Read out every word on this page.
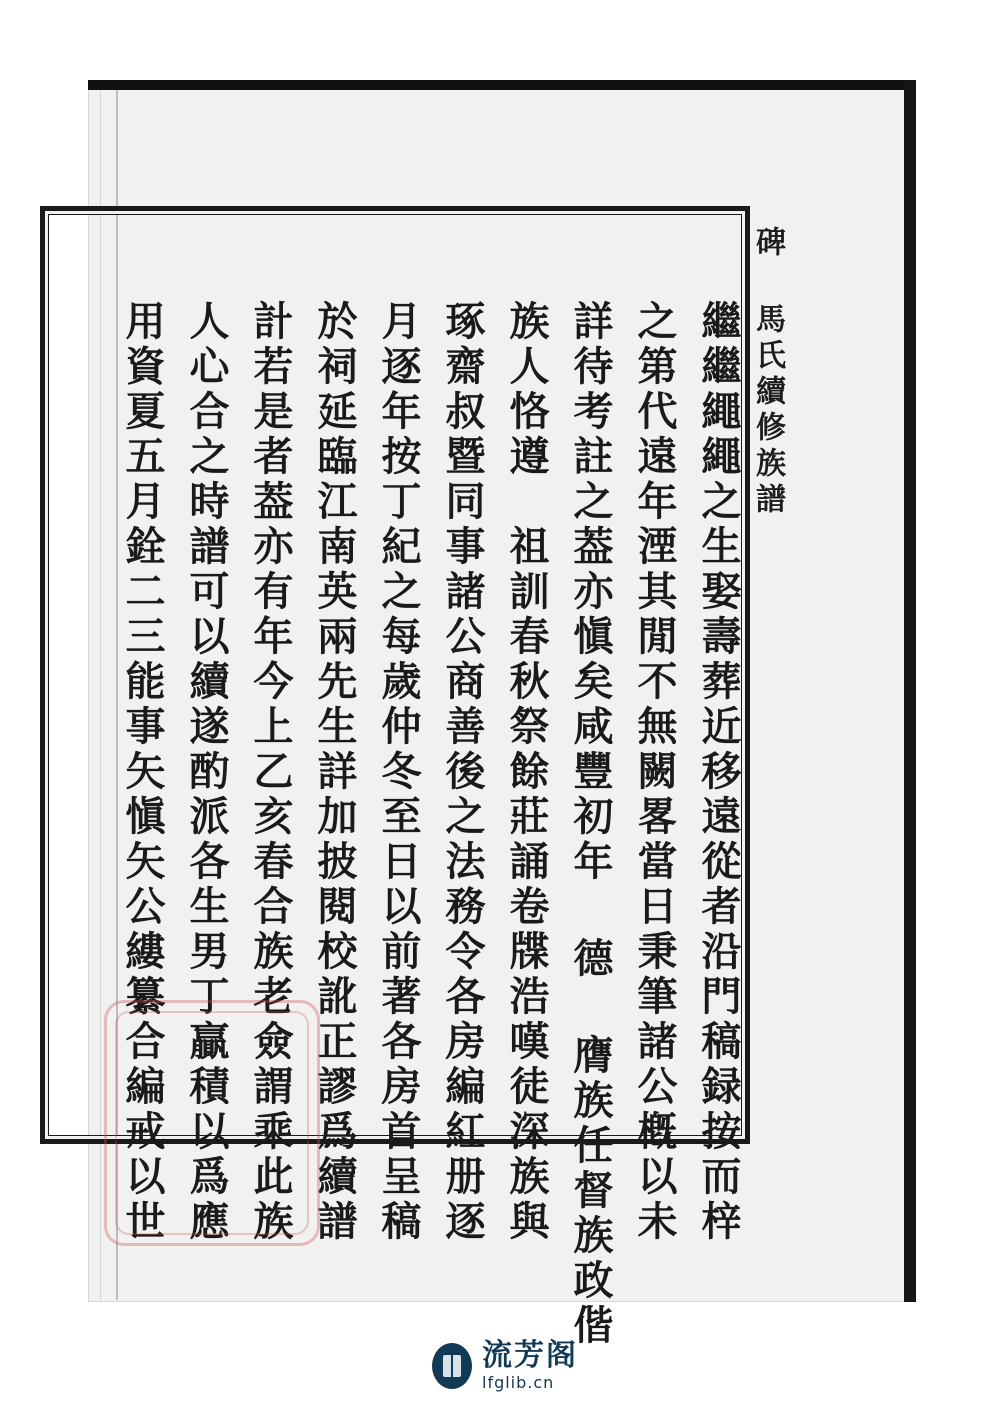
碑 馬氏續修族譜
繼繼繩繩之生娶壽葬近移遠從者沿門稿録按而梓
之第代遠年湮其閒不無闕畧當日秉筆諸公槪以未
詳待考註之葢亦愼矣咸豐初年 德 膺族任督族政偕
族人恪遵　祖訓春秋祭餘莊誦卷牒浩嘆徒深族與
琢齋叔暨同事諸公商善後之法務令各房編紅册逐
月逐年按丁紀之每歲仲冬至日以前著各房首呈稿
於祠延臨江南英兩先生詳加披閱校訛正謬爲續譜
計若是者葢亦有年今上乙亥春合族老僉謂乘此族
人心合之時譜可以續遂酌派各生男丁贏積以爲應
用資夏五月銓二三能事矢愼矢公縷纂合編戒以世
流芳阁
lfglib.cn
